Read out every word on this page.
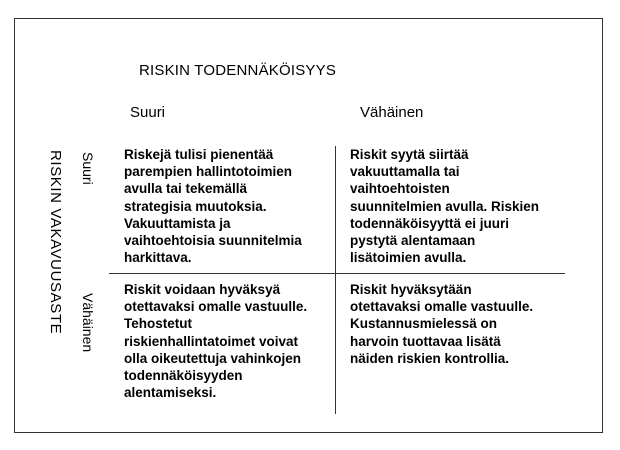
RISKIN TODENNÄKÖISYYS
Suuri	Vähäinen
RISKIN VAKAVUUSASTE Suuri
Vähäinen
Riskejä tulisi pienentää
parempien hallintotoimien
avulla tai tekemällä
strategisia muutoksia.
Vakuuttamista ja
vaihtoehtoisia suunnitelmia
harkittava.
Riskit syytä siirtää
vakuuttamalla tai
vaihtoehtoisten
suunnitelmien avulla. Riskien
todennäköisyyttä ei juuri
pystytä alentamaan
lisätoimien avulla.
Riskit voidaan hyväksyä
otettavaksi omalle vastuulle.
Tehostetut
riskienhallintatoimet voivat
olla oikeutettuja vahinkojen
todennäköisyyden
alentamiseksi.
Riskit hyväksytään
otettavaksi omalle vastuulle.
Kustannusmielessä on
harvoin tuottavaa lisätä
näiden riskien kontrollia.
